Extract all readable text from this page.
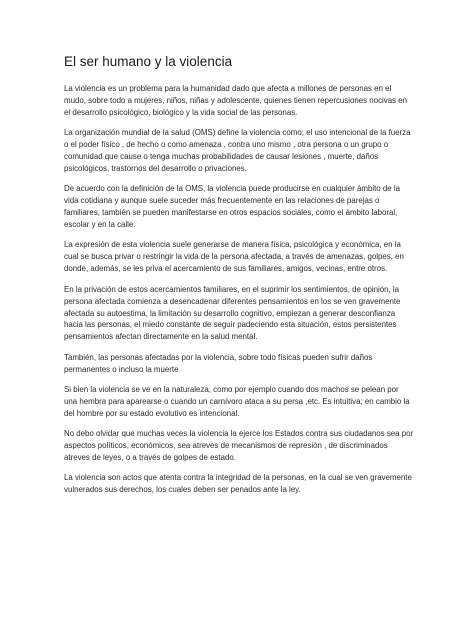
El ser humano y la violencia

La violencia es un problema para la humanidad dado que afecta a millones de personas en el mudo, sobre todo a mujeres, niños, niñas y adolescente, quienes tienen repercusiones nocivas en el desarrollo psicológico, biológico y la vida social de las personas.

La organización mundial de la salud (OMS) define la violencia como; el uso intencional de la fuerza o el poder físico , de hecho o como amenaza , contra uno mismo , otra persona o un grupo o comunidad que cause o tenga muchas probabilidades de causar lesiones , muerte, daños psicológicos, trastornos del desarrollo o privaciones.

De acuerdo con la definición de la OMS, la violencia puede producirse en cualquier ámbito de la vida cotidiana y aunque suele suceder más frecuentemente en las relaciones de parejas o familiares, también se pueden manifestarse en otros espacios sociales, como el ámbito laboral, escolar y en la calle.

La expresión de esta violencia suele generarse de manera física, psicológica y económica, en la cual se busca privar o restringir la vida de la persona afectada, a través de amenazas, golpes, en donde, además, se les priva el acercamiento de sus familiares, amigos, vecinas, entre otros.

En la privación de estos acercamientos familiares, en el suprimir los sentimientos, de opinión, la persona afectada comienza a desencadenar diferentes pensamientos en los se ven gravemente afectada su autoestima, la limitación su desarrollo cognitivo, empiezan a generar desconfianza hacia las personas, el miedo constante de seguir padeciendo esta situación, estos persistentes pensamientos afectan directamente en la salud mental.

También, las personas afectadas por la violencia, sobre todo físicas pueden sufrir daños permanentes o incluso la muerte

Si bien la violencia se ve en la naturaleza, como por ejemplo cuando dos machos se pelean por una hembra para aparearse o cuando un carnívoro ataca a su persa ,etc. Es intuitiva; en cambio la del hombre por su estado evolutivo es intencional.

No debo olvidar que muchas veces la violencia la ejerce los Estados contra sus ciudadanos sea por aspectos políticos, económicos, sea atreves de mecanismos de represión , de discriminados atreves de leyes, o a través de golpes de estado.

La violencia son actos que atenta contra la integridad de la personas, en la cual se ven gravemente vulnerados sus derechos, los cuales deben ser penados ante la ley.
